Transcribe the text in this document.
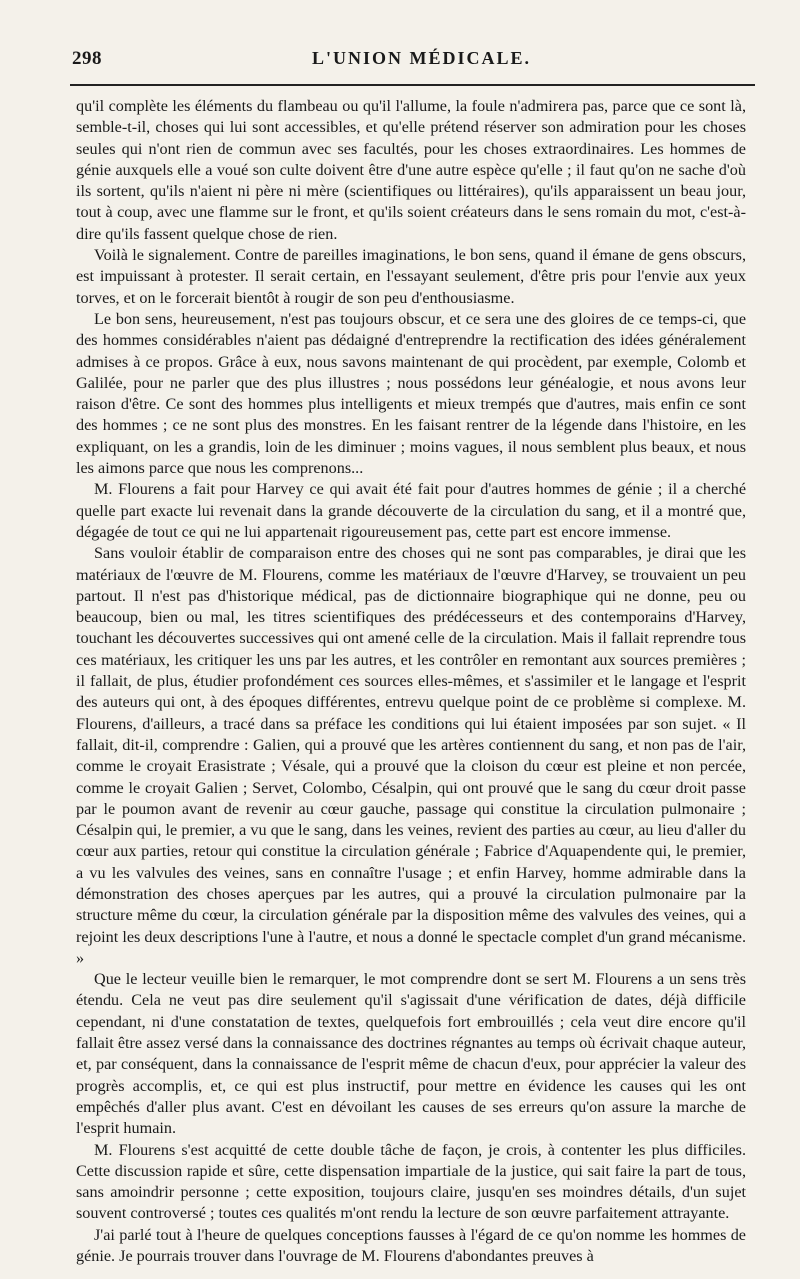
298	L'UNION MÉDICALE.

qu'il complète les éléments du flambeau ou qu'il l'allume, la foule n'admirera pas, parce que ce sont là, semble-t-il, choses qui lui sont accessibles, et qu'elle prétend réserver son admiration pour les choses seules qui n'ont rien de commun avec ses facultés, pour les choses extraordinaires. Les hommes de génie auxquels elle a voué son culte doivent être d'une autre espèce qu'elle ; il faut qu'on ne sache d'où ils sortent, qu'ils n'aient ni père ni mère (scientifiques ou littéraires), qu'ils apparaissent un beau jour, tout à coup, avec une flamme sur le front, et qu'ils soient créateurs dans le sens romain du mot, c'est-à-dire qu'ils fassent quelque chose de rien.

Voilà le signalement. Contre de pareilles imaginations, le bon sens, quand il émane de gens obscurs, est impuissant à protester. Il serait certain, en l'essayant seulement, d'être pris pour l'envie aux yeux torves, et on le forcerait bientôt à rougir de son peu d'enthousiasme.

Le bon sens, heureusement, n'est pas toujours obscur, et ce sera une des gloires de ce temps-ci, que des hommes considérables n'aient pas dédaigné d'entreprendre la rectification des idées généralement admises à ce propos. Grâce à eux, nous savons maintenant de qui procèdent, par exemple, Colomb et Galilée, pour ne parler que des plus illustres ; nous possédons leur généalogie, et nous avons leur raison d'être. Ce sont des hommes plus intelligents et mieux trempés que d'autres, mais enfin ce sont des hommes ; ce ne sont plus des monstres. En les faisant rentrer de la légende dans l'histoire, en les expliquant, on les a grandis, loin de les diminuer ; moins vagues, il nous semblent plus beaux, et nous les aimons parce que nous les comprenons...

M. Flourens a fait pour Harvey ce qui avait été fait pour d'autres hommes de génie ; il a cherché quelle part exacte lui revenait dans la grande découverte de la circulation du sang, et il a montré que, dégagée de tout ce qui ne lui appartenait rigoureusement pas, cette part est encore immense.

Sans vouloir établir de comparaison entre des choses qui ne sont pas comparables, je dirai que les matériaux de l'œuvre de M. Flourens, comme les matériaux de l'œuvre d'Harvey, se trouvaient un peu partout. Il n'est pas d'historique médical, pas de dictionnaire biographique qui ne donne, peu ou beaucoup, bien ou mal, les titres scientifiques des prédécesseurs et des contemporains d'Harvey, touchant les découvertes successives qui ont amené celle de la circulation. Mais il fallait reprendre tous ces matériaux, les critiquer les uns par les autres, et les contrôler en remontant aux sources premières ; il fallait, de plus, étudier profondément ces sources elles-mêmes, et s'assimiler et le langage et l'esprit des auteurs qui ont, à des époques différentes, entrevu quelque point de ce problème si complexe. M. Flourens, d'ailleurs, a tracé dans sa préface les conditions qui lui étaient imposées par son sujet. « Il fallait, dit-il, comprendre : Galien, qui a prouvé que les artères contiennent du sang, et non pas de l'air, comme le croyait Erasistrate ; Vésale, qui a prouvé que la cloison du cœur est pleine et non percée, comme le croyait Galien ; Servet, Colombo, Césalpin, qui ont prouvé que le sang du cœur droit passe par le poumon avant de revenir au cœur gauche, passage qui constitue la circulation pulmonaire ; Césalpin qui, le premier, a vu que le sang, dans les veines, revient des parties au cœur, au lieu d'aller du cœur aux parties, retour qui constitue la circulation générale ; Fabrice d'Aquapendente qui, le premier, a vu les valvules des veines, sans en connaître l'usage ; et enfin Harvey, homme admirable dans la démonstration des choses aperçues par les autres, qui a prouvé la circulation pulmonaire par la structure même du cœur, la circulation générale par la disposition même des valvules des veines, qui a rejoint les deux descriptions l'une à l'autre, et nous a donné le spectacle complet d'un grand mécanisme. »

Que le lecteur veuille bien le remarquer, le mot comprendre dont se sert M. Flourens a un sens très étendu. Cela ne veut pas dire seulement qu'il s'agissait d'une vérification de dates, déjà difficile cependant, ni d'une constatation de textes, quelquefois fort embrouillés ; cela veut dire encore qu'il fallait être assez versé dans la connaissance des doctrines régnantes au temps où écrivait chaque auteur, et, par conséquent, dans la connaissance de l'esprit même de chacun d'eux, pour apprécier la valeur des progrès accomplis, et, ce qui est plus instructif, pour mettre en évidence les causes qui les ont empêchés d'aller plus avant. C'est en dévoilant les causes de ses erreurs qu'on assure la marche de l'esprit humain.

M. Flourens s'est acquitté de cette double tâche de façon, je crois, à contenter les plus difficiles. Cette discussion rapide et sûre, cette dispensation impartiale de la justice, qui sait faire la part de tous, sans amoindrir personne ; cette exposition, toujours claire, jusqu'en ses moindres détails, d'un sujet souvent controversé ; toutes ces qualités m'ont rendu la lecture de son œuvre parfaitement attrayante.

J'ai parlé tout à l'heure de quelques conceptions fausses à l'égard de ce qu'on nomme les hommes de génie. Je pourrais trouver dans l'ouvrage de M. Flourens d'abondantes preuves à
